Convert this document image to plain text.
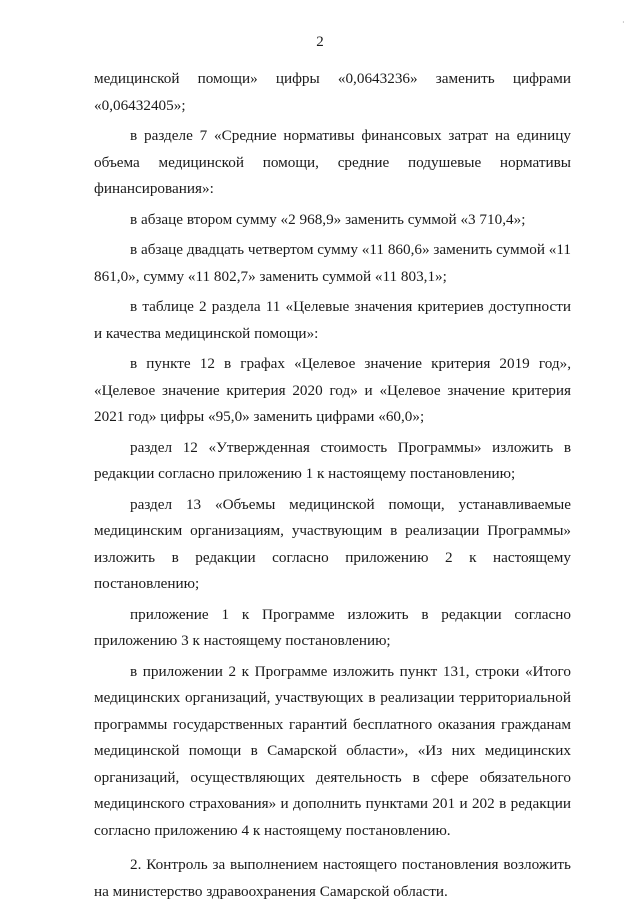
·
2

медицинской помощи» цифры «0,0643236» заменить цифрами «0,06432405»;

в разделе 7 «Средние нормативы финансовых затрат на единицу объема медицинской помощи, средние подушевые нормативы финансирования»:

в абзаце втором сумму «2 968,9» заменить суммой «3 710,4»;

в абзаце двадцать четвертом сумму «11 860,6» заменить суммой «11 861,0», сумму «11 802,7» заменить суммой «11 803,1»;

в таблице 2 раздела 11 «Целевые значения критериев доступности и качества медицинской помощи»:

в пункте 12 в графах «Целевое значение критерия 2019 год», «Целевое значение критерия 2020 год» и «Целевое значение критерия 2021 год» цифры «95,0» заменить цифрами «60,0»;

раздел 12 «Утвержденная стоимость Программы» изложить в редакции согласно приложению 1 к настоящему постановлению;

раздел 13 «Объемы медицинской помощи, устанавливаемые медицинским организациям, участвующим в реализации Программы» изложить в редакции согласно приложению 2 к настоящему постановлению;

приложение 1 к Программе изложить в редакции согласно приложению 3 к настоящему постановлению;

в приложении 2 к Программе изложить пункт 131, строки «Итого медицинских организаций, участвующих в реализации территориальной программы государственных гарантий бесплатного оказания гражданам медицинской помощи в Самарской области», «Из них медицинских организаций, осуществляющих деятельность в сфере обязательного медицинского страхования» и дополнить пунктами 201 и 202 в редакции согласно приложению 4 к настоящему постановлению.

2. Контроль за выполнением настоящего постановления возложить на министерство здравоохранения Самарской области.
